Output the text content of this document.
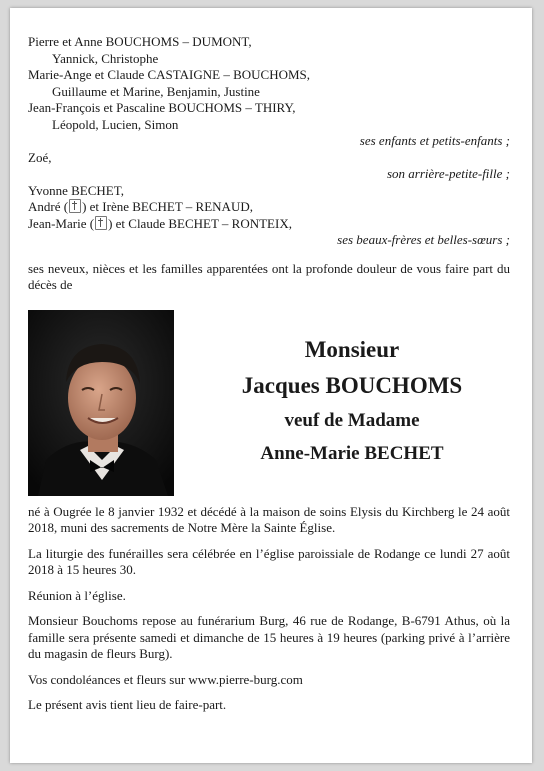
Pierre et Anne BOUCHOMS – DUMONT,
Yannick, Christophe
Marie-Ange et Claude CASTAIGNE – BOUCHOMS,
Guillaume et Marine, Benjamin, Justine
Jean-François et Pascaline BOUCHOMS – THIRY,
Léopold, Lucien, Simon
ses enfants et petits-enfants ;
Zoé,
son arrière-petite-fille ;
Yvonne BECHET,
André ( ) et Irène BECHET – RENAUD,
Jean-Marie ( ) et Claude BECHET – RONTEIX,
ses beaux-frères et belles-sœurs ;
ses neveux, nièces et les familles apparentées ont la profonde douleur de vous faire part du décès de
Monsieur
Jacques BOUCHOMS
veuf de Madame
Anne-Marie BECHET

né à Ougrée le 8 janvier 1932 et décédé à la maison de soins Elysis du Kirchberg le 24 août 2018, muni des sacrements de Notre Mère la Sainte Église.

La liturgie des funérailles sera célébrée en l’église paroissiale de Rodange ce lundi 27 août 2018 à 15 heures 30.

Réunion à l’église.

Monsieur Bouchoms repose au funérarium Burg, 46 rue de Rodange, B-6791 Athus, où la famille sera présente samedi et dimanche de 15 heures à 19 heures (parking privé à l’arrière du magasin de fleurs Burg).

Vos condoléances et fleurs sur www.pierre-burg.com

Le présent avis tient lieu de faire-part.
